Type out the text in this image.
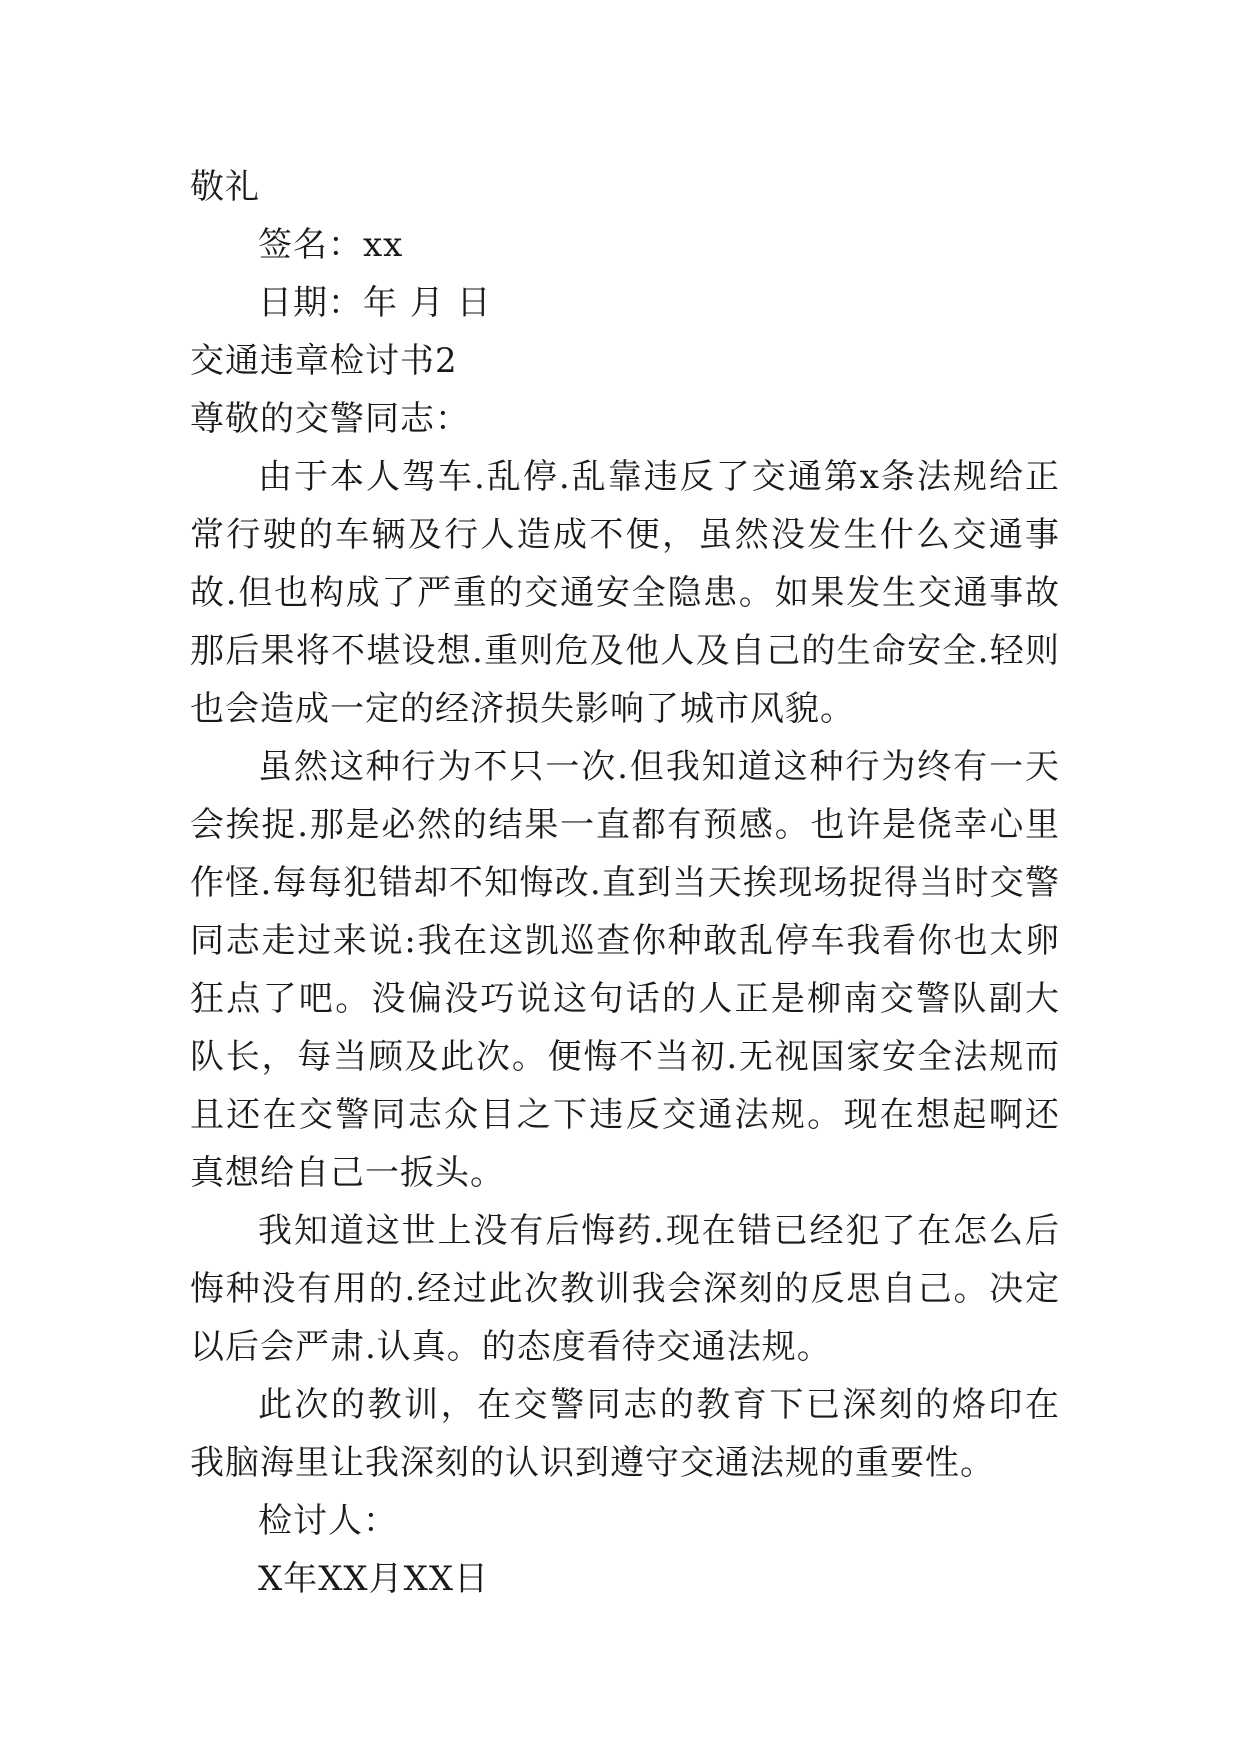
敬礼
签名：xx
日期：年 月 日
交通违章检讨书2
尊敬的交警同志：

由于本人驾车.乱停.乱靠违反了交通第x条法规给正常行驶的车辆及行人造成不便，虽然没发生什么交通事故.但也构成了严重的交通安全隐患。如果发生交通事故那后果将不堪设想.重则危及他人及自己的生命安全.轻则也会造成一定的经济损失影响了城市风貌。

虽然这种行为不只一次.但我知道这种行为终有一天会挨捉.那是必然的结果一直都有预感。也许是侥幸心里作怪.每每犯错却不知悔改.直到当天挨现场捉得当时交警同志走过来说:我在这凯巡查你种敢乱停车我看你也太卵狂点了吧。没偏没巧说这句话的人正是柳南交警队副大队长，每当顾及此次。便悔不当初.无视国家安全法规而且还在交警同志众目之下违反交通法规。现在想起啊还真想给自己一扳头。

我知道这世上没有后悔药.现在错已经犯了在怎么后悔种没有用的.经过此次教训我会深刻的反思自己。决定以后会严肃.认真。的态度看待交通法规。

此次的教训，在交警同志的教育下已深刻的烙印在我脑海里让我深刻的认识到遵守交通法规的重要性。

检讨人：
X年XX月XX日
